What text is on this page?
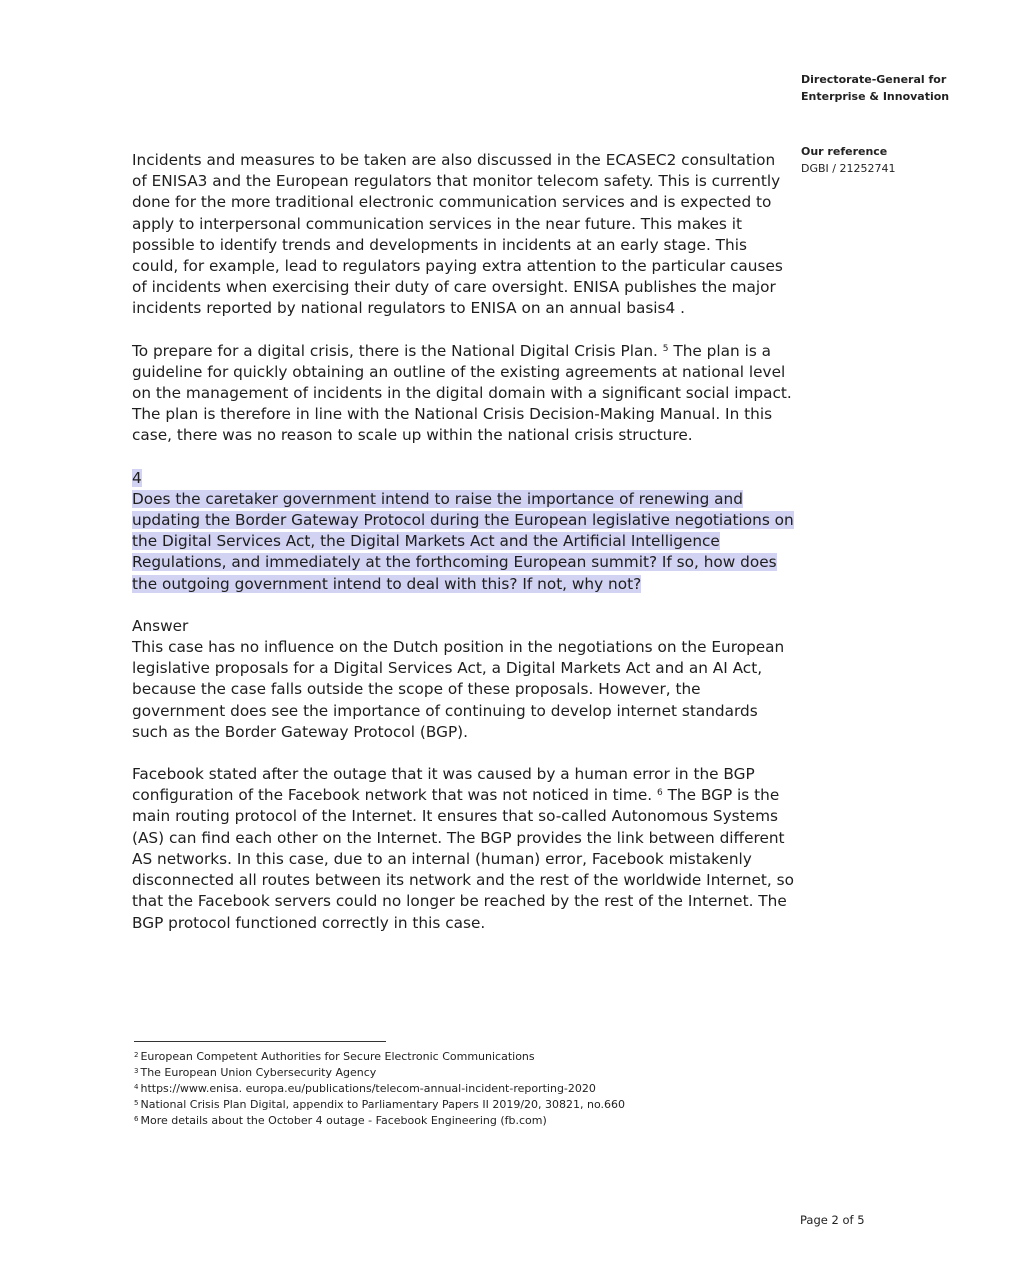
Directorate-General for
Enterprise & Innovation
Our reference
DGBI / 21252741

Incidents and measures to be taken are also discussed in the ECASEC2 consultation of ENISA3 and the European regulators that monitor telecom safety. This is currently done for the more traditional electronic communication services and is expected to apply to interpersonal communication services in the near future. This makes it possible to identify trends and developments in incidents at an early stage. This could, for example, lead to regulators paying extra attention to the particular causes of incidents when exercising their duty of care oversight. ENISA publishes the major incidents reported by national regulators to ENISA on an annual basis4 .

To prepare for a digital crisis, there is the National Digital Crisis Plan. $^5$ The plan is a guideline for quickly obtaining an outline of the existing agreements at national level on the management of incidents in the digital domain with a significant social impact. The plan is therefore in line with the National Crisis Decision-Making Manual. In this case, there was no reason to scale up within the national crisis structure.

4

Does the caretaker government intend to raise the importance of renewing and updating the Border Gateway Protocol during the European legislative negotiations on the Digital Services Act, the Digital Markets Act and the Artificial Intelligence Regulations, and immediately at the forthcoming European summit? If so, how does the outgoing government intend to deal with this? If not, why not?

Answer

This case has no influence on the Dutch position in the negotiations on the European legislative proposals for a Digital Services Act, a Digital Markets Act and an AI Act, because the case falls outside the scope of these proposals. However, the government does see the importance of continuing to develop internet standards such as the Border Gateway Protocol (BGP).

Facebook stated after the outage that it was caused by a human error in the BGP configuration of the Facebook network that was not noticed in time. $^6$ The BGP is the main routing protocol of the Internet. It ensures that so-called Autonomous Systems (AS) can find each other on the Internet. The BGP provides the link between different AS networks. In this case, due to an internal (human) error, Facebook mistakenly disconnected all routes between its network and the rest of the worldwide Internet, so that the Facebook servers could no longer be reached by the rest of the Internet. The BGP protocol functioned correctly in this case.

$^2$ European Competent Authorities for Secure Electronic Communications
$^3$ The European Union Cybersecurity Agency
$^4$ https://www.enisa. europa.eu/publications/telecom-annual-incident-reporting-2020
$^5$ National Crisis Plan Digital, appendix to Parliamentary Papers II 2019/20, 30821, no.660
$^6$ More details about the October 4 outage - Facebook Engineering (fb.com)
Page 2 of 5
